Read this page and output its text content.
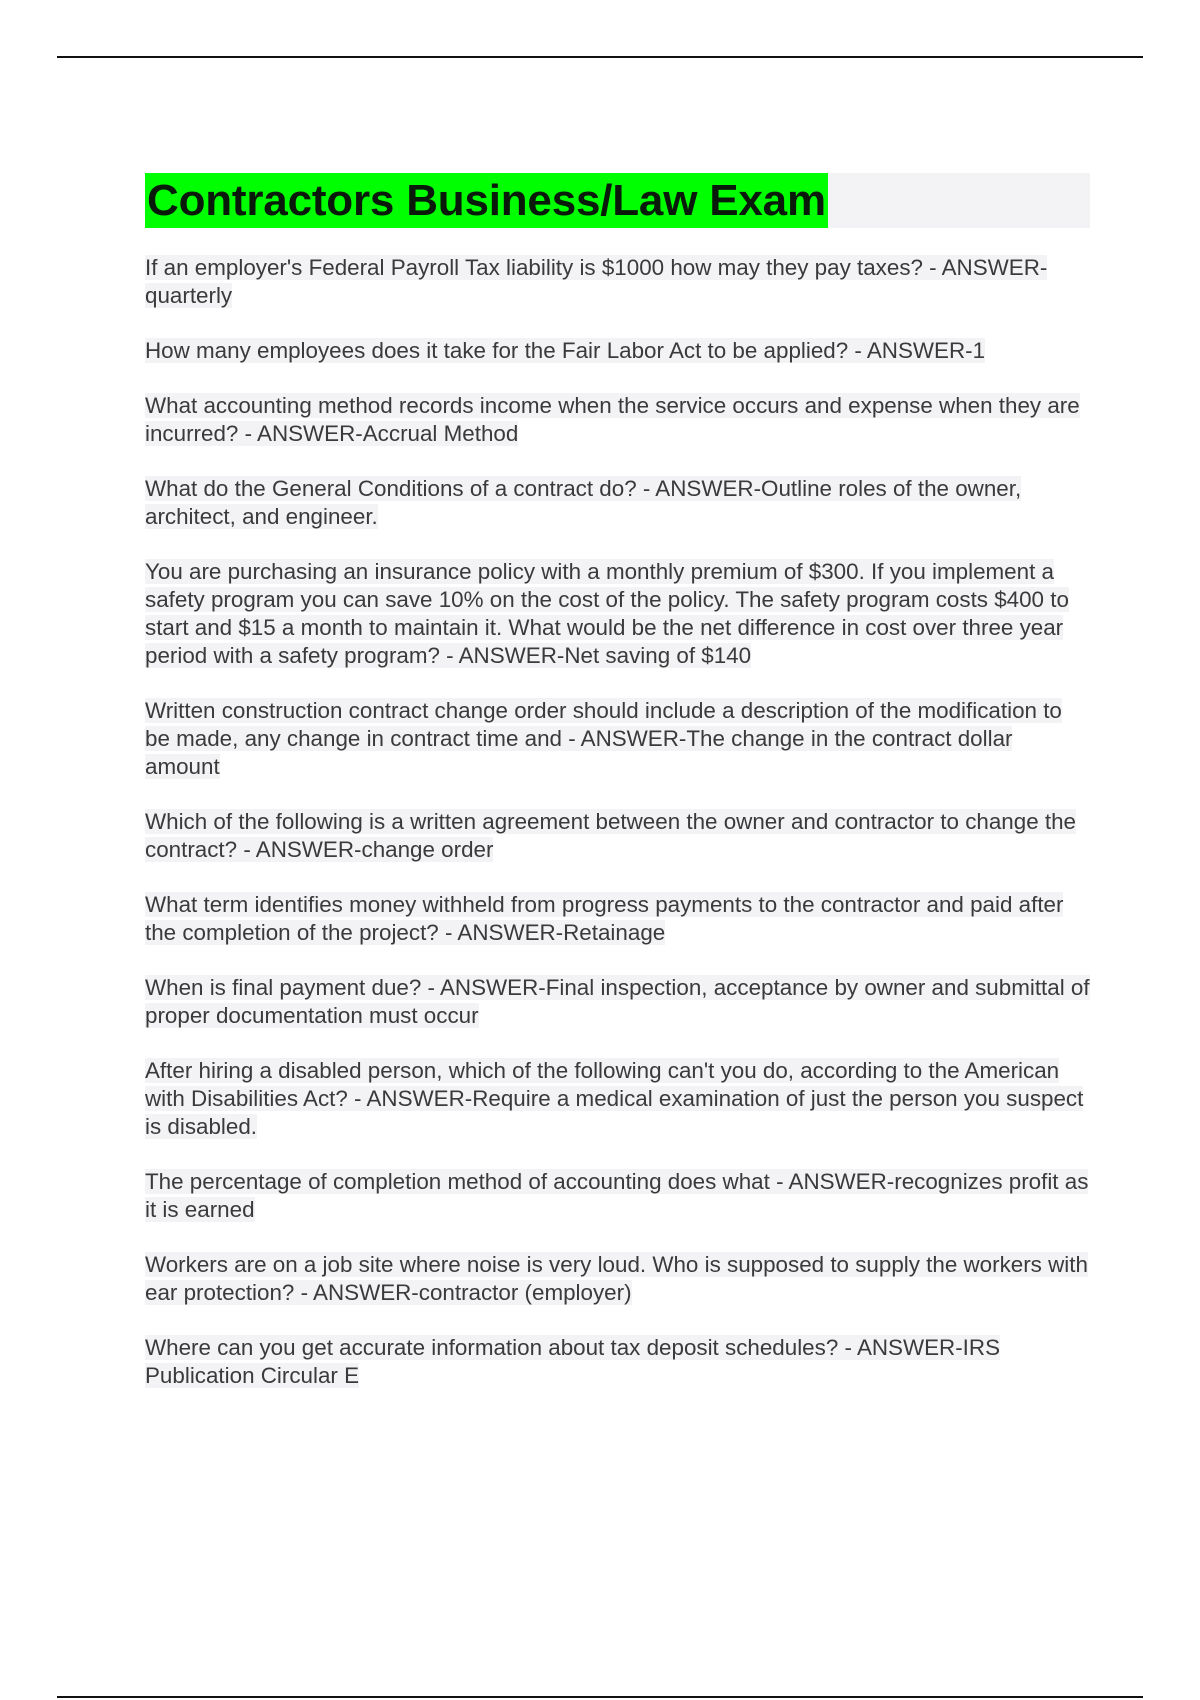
Contractors Business/Law Exam
If an employer's Federal Payroll Tax liability is $1000 how may they pay taxes? - ANSWER-quarterly
How many employees does it take for the Fair Labor Act to be applied? - ANSWER-1
What accounting method records income when the service occurs and expense when they are incurred? - ANSWER-Accrual Method
What do the General Conditions of a contract do? - ANSWER-Outline roles of the owner, architect, and engineer.
You are purchasing an insurance policy with a monthly premium of $300. If you implement a safety program you can save 10% on the cost of the policy. The safety program costs $400 to start and $15 a month to maintain it. What would be the net difference in cost over three year period with a safety program? - ANSWER-Net saving of $140
Written construction contract change order should include a description of the modification to be made, any change in contract time and - ANSWER-The change in the contract dollar amount
Which of the following is a written agreement between the owner and contractor to change the contract? - ANSWER-change order
What term identifies money withheld from progress payments to the contractor and paid after the completion of the project? - ANSWER-Retainage
When is final payment due? - ANSWER-Final inspection, acceptance by owner and submittal of proper documentation must occur
After hiring a disabled person, which of the following can't you do, according to the American with Disabilities Act? - ANSWER-Require a medical examination of just the person you suspect is disabled.
The percentage of completion method of accounting does what - ANSWER-recognizes profit as it is earned
Workers are on a job site where noise is very loud. Who is supposed to supply the workers with ear protection? - ANSWER-contractor (employer)
Where can you get accurate information about tax deposit schedules? - ANSWER-IRS Publication Circular E
